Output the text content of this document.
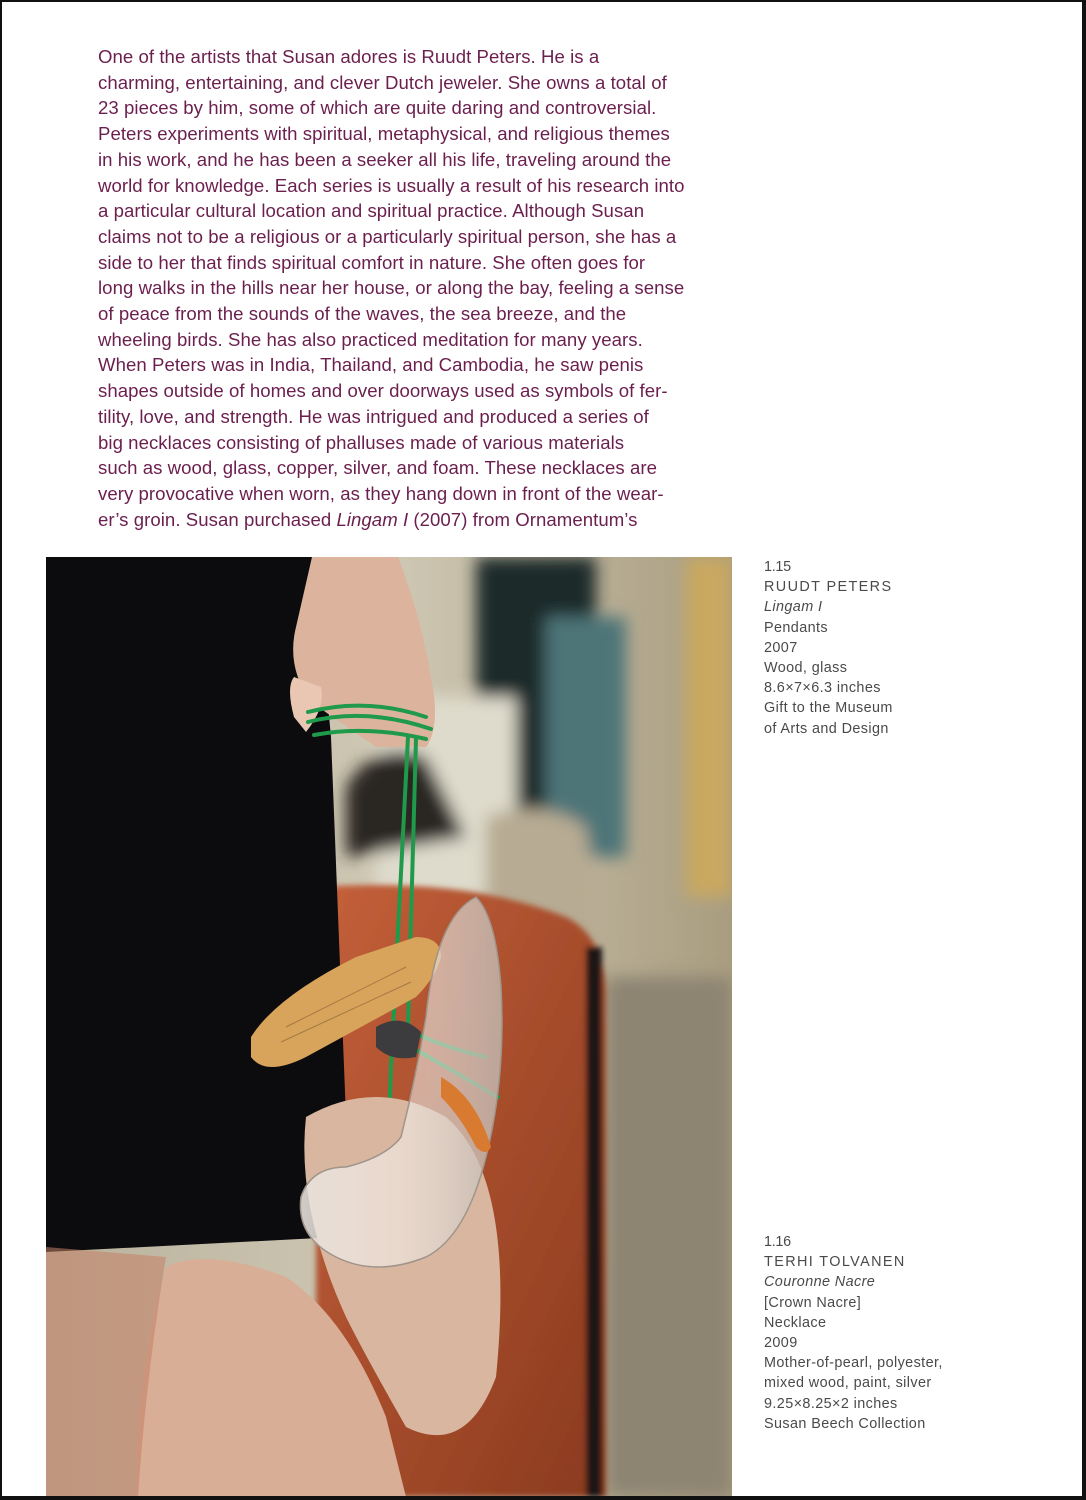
One of the artists that Susan adores is Ruudt Peters. He is a
charming, entertaining, and clever Dutch jeweler. She owns a total of
23 pieces by him, some of which are quite daring and controversial.
Peters experiments with spiritual, metaphysical, and religious themes
in his work, and he has been a seeker all his life, traveling around the
world for knowledge. Each series is usually a result of his research into
a particular cultural location and spiritual practice. Although Susan
claims not to be a religious or a particularly spiritual person, she has a
side to her that finds spiritual comfort in nature. She often goes for
long walks in the hills near her house, or along the bay, feeling a sense
of peace from the sounds of the waves, the sea breeze, and the
wheeling birds. She has also practiced meditation for many years.

When Peters was in India, Thailand, and Cambodia, he saw penis
shapes outside of homes and over doorways used as symbols of fer-
tility, love, and strength. He was intrigued and produced a series of
big necklaces consisting of phalluses made of various materials
such as wood, glass, copper, silver, and foam. These necklaces are
very provocative when worn, as they hang down in front of the wear-
er’s groin. Susan purchased Lingam I (2007) from Ornamentum’s

1.15
RUUDT PETERS
Lingam I
Pendants
2007
Wood, glass
8.6×7×6.3 inches
Gift to the Museum
of Arts and Design
1.16
TERHI TOLVANEN
Couronne Nacre
[Crown Nacre]
Necklace
2009
Mother-of-pearl, polyester,
mixed wood, paint, silver
9.25×8.25×2 inches
Susan Beech Collection
